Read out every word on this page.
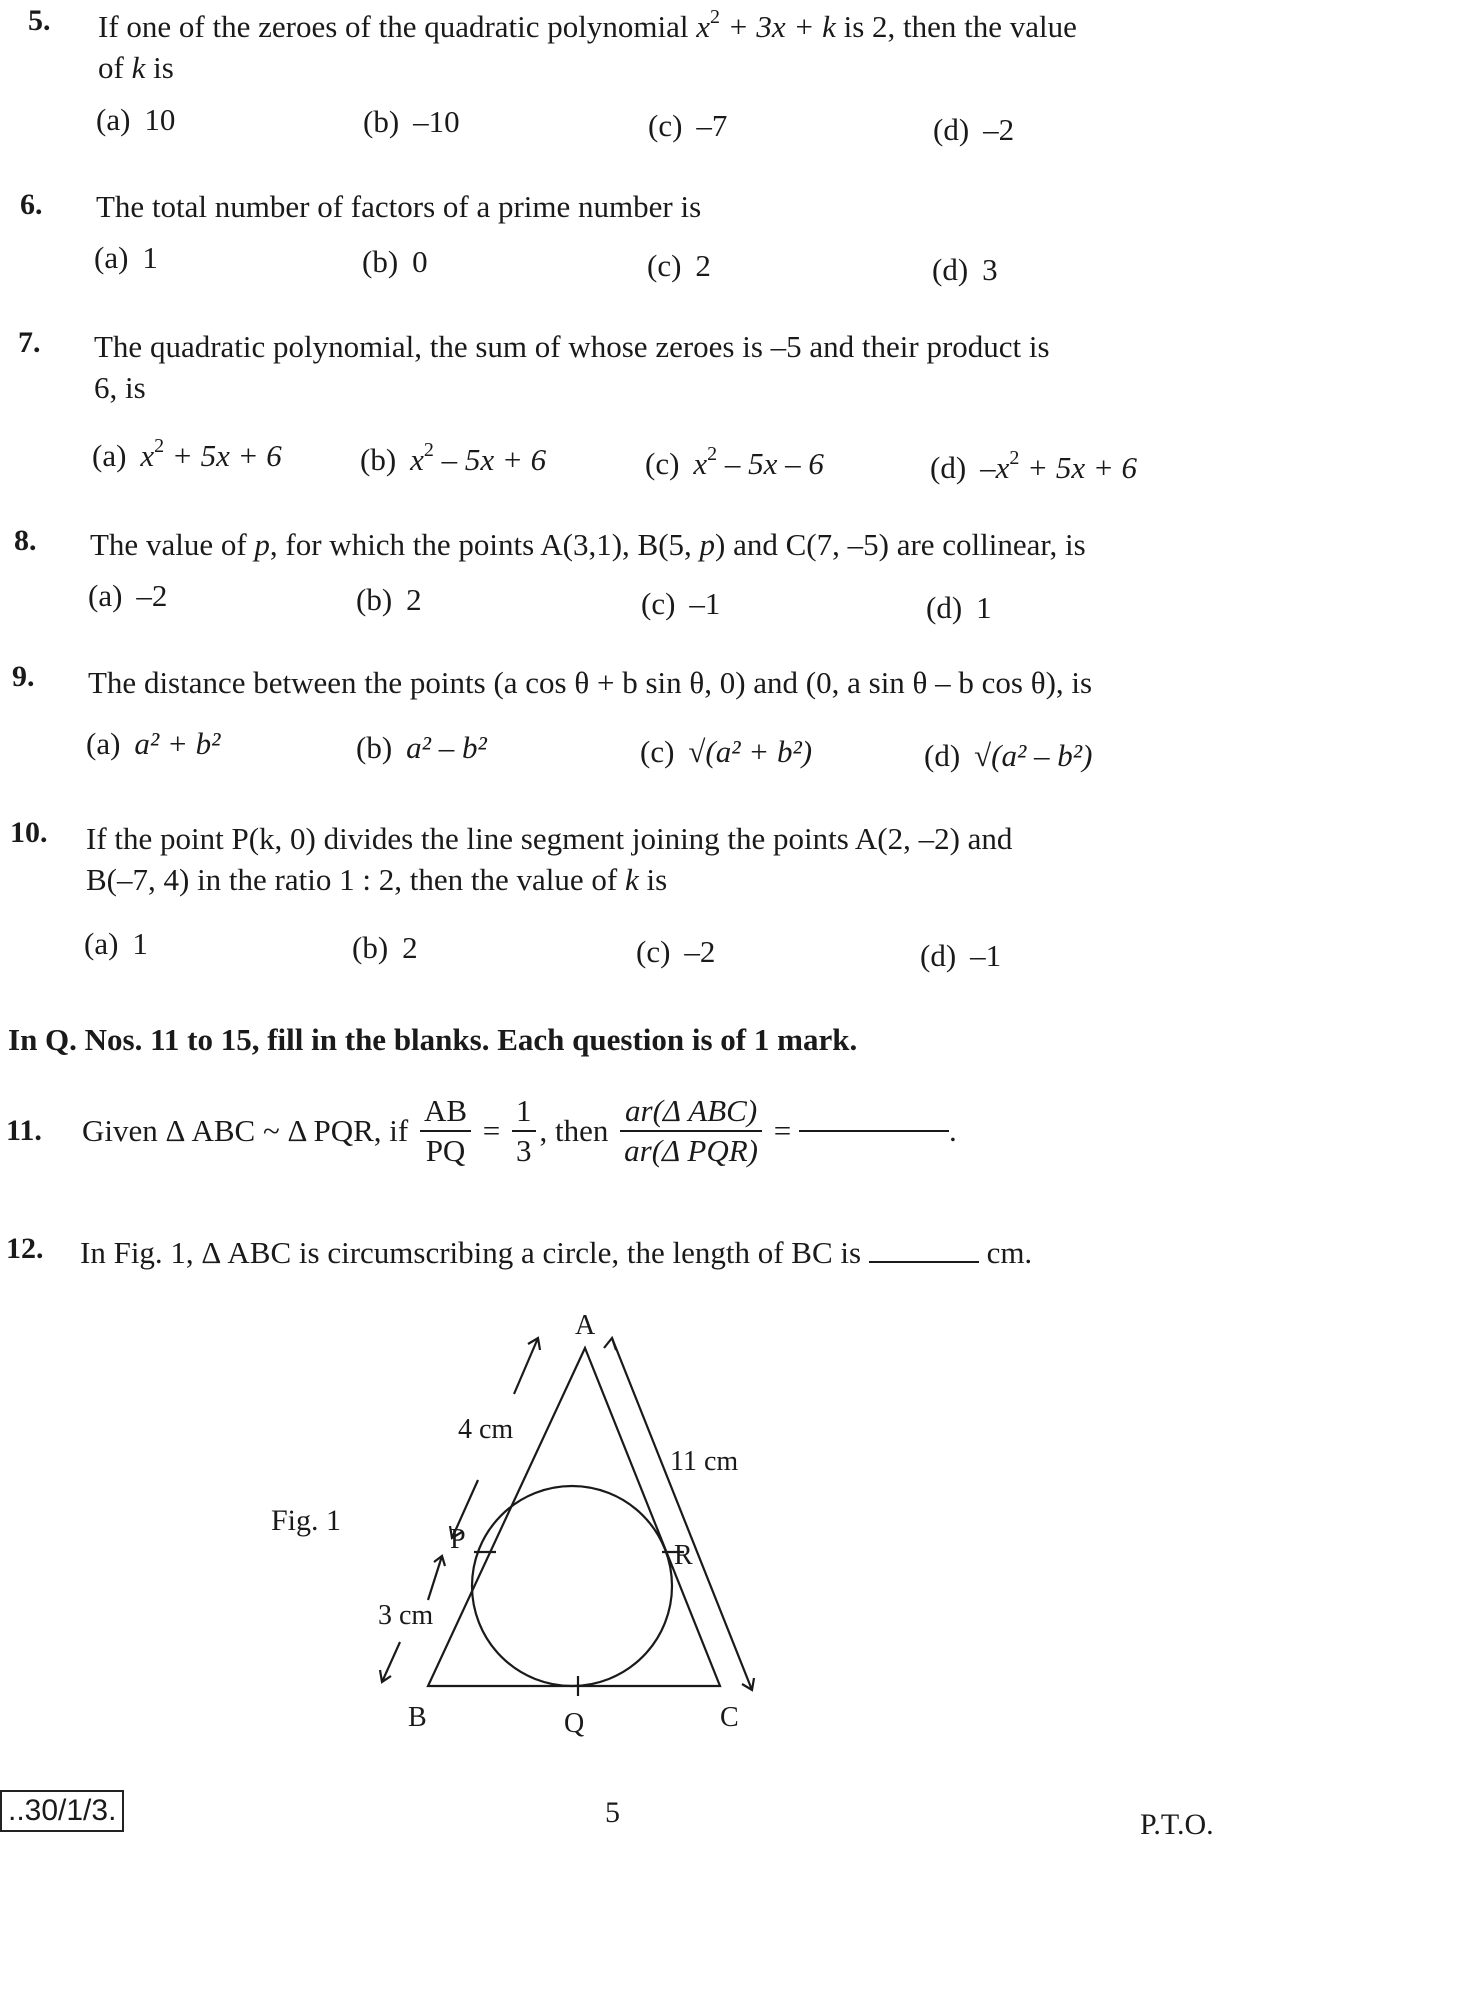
5. If one of the zeroes of the quadratic polynomial $x^2 + 3x + k$ is 2, then the value
of k is
(a) 10	(b) –10	(c) –7	(d) –2
6. The total number of factors of a prime number is
(a) 1	(b) 0	(c) 2	(d) 3
7. The quadratic polynomial, the sum of whose zeroes is –5 and their product is
6, is
(a) $x^2 + 5x + 6$	(b) $x^2 - 5x + 6$	(c) $x^2 - 5x - 6$	(d) $-x^2 + 5x + 6$
8. The value of p, for which the points A(3,1), B(5, p) and C(7, –5) are collinear, is
(a) –2	(b) 2	(c) –1	(d) 1
9. The distance between the points (a cos θ + b sin θ, 0) and (0, a sin θ – b cos θ), is
(a) a² + b²	(b) a² – b²	(c) √(a² + b²)	(d) √(a² – b²)
10. If the point P(k, 0) divides the line segment joining the points A(2, –2) and
B(–7, 4) in the ratio 1 : 2, then the value of k is
(a) 1	(b) 2	(c) –2	(d) –1
In Q. Nos. 11 to 15, fill in the blanks. Each question is of 1 mark.
11. Given Δ ABC ~ Δ PQR, if $\frac{AB}{PQ} = \frac{1}{3}$ , then $\frac{\text{ar(Δ ABC)}}{\text{ar(Δ PQR)}}$ =	.
12. In Fig. 1, Δ ABC is circumscribing a circle, the length of BC is	cm.
Fig. 1
A
B	C
P
Q
R
4 cm
3 cm
11 cm
..30/1/3.	5	P.T.O.
